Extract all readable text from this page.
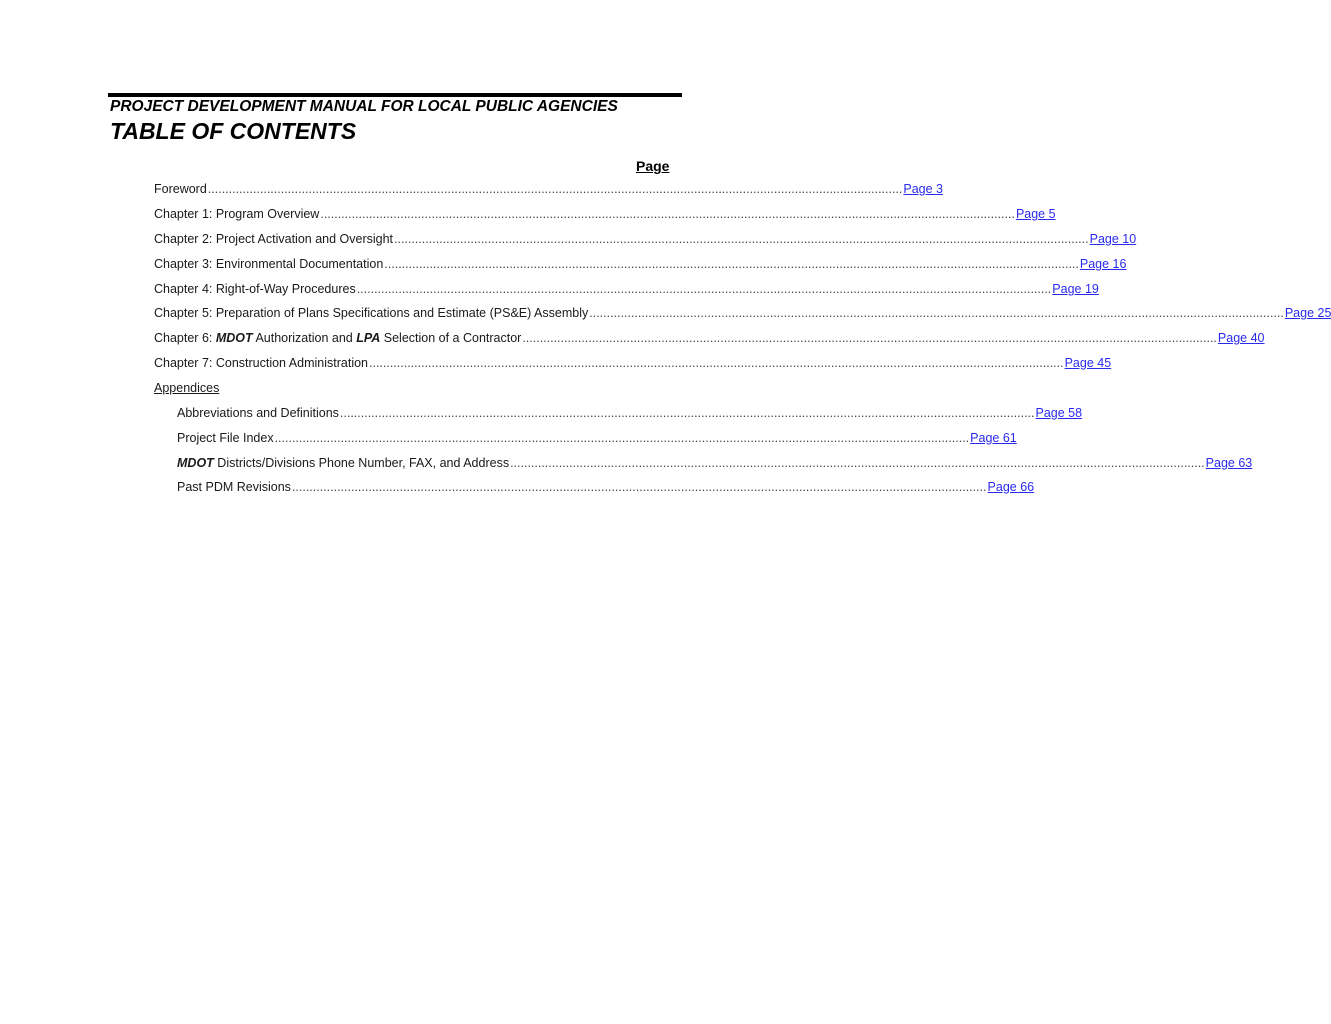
PROJECT DEVELOPMENT MANUAL FOR LOCAL PUBLIC AGENCIES
TABLE OF CONTENTS
Page
Foreword ........................................................................................................................................................................................................ Page 3
Chapter 1: Program Overview ........................................................................................................................................................................................................ Page 5
Chapter 2: Project Activation and Oversight ........................................................................................................................................................................................................ Page 10
Chapter 3: Environmental Documentation ........................................................................................................................................................................................................ Page 16
Chapter 4: Right-of-Way Procedures ........................................................................................................................................................................................................ Page 19
Chapter 5: Preparation of Plans Specifications and Estimate (PS&E) Assembly ........................................................................................................................................................................................................ Page 25
Chapter 6: MDOT Authorization and LPA Selection of a Contractor ........................................................................................................................................................................................................ Page 40
Chapter 7: Construction Administration ........................................................................................................................................................................................................ Page 45
Appendices
Abbreviations and Definitions ........................................................................................................................................................................................................ Page 58
Project File Index ........................................................................................................................................................................................................ Page 61
MDOT Districts/Divisions Phone Number, FAX, and Address ........................................................................................................................................................................................................ Page 63
Past PDM Revisions ........................................................................................................................................................................................................ Page 66
